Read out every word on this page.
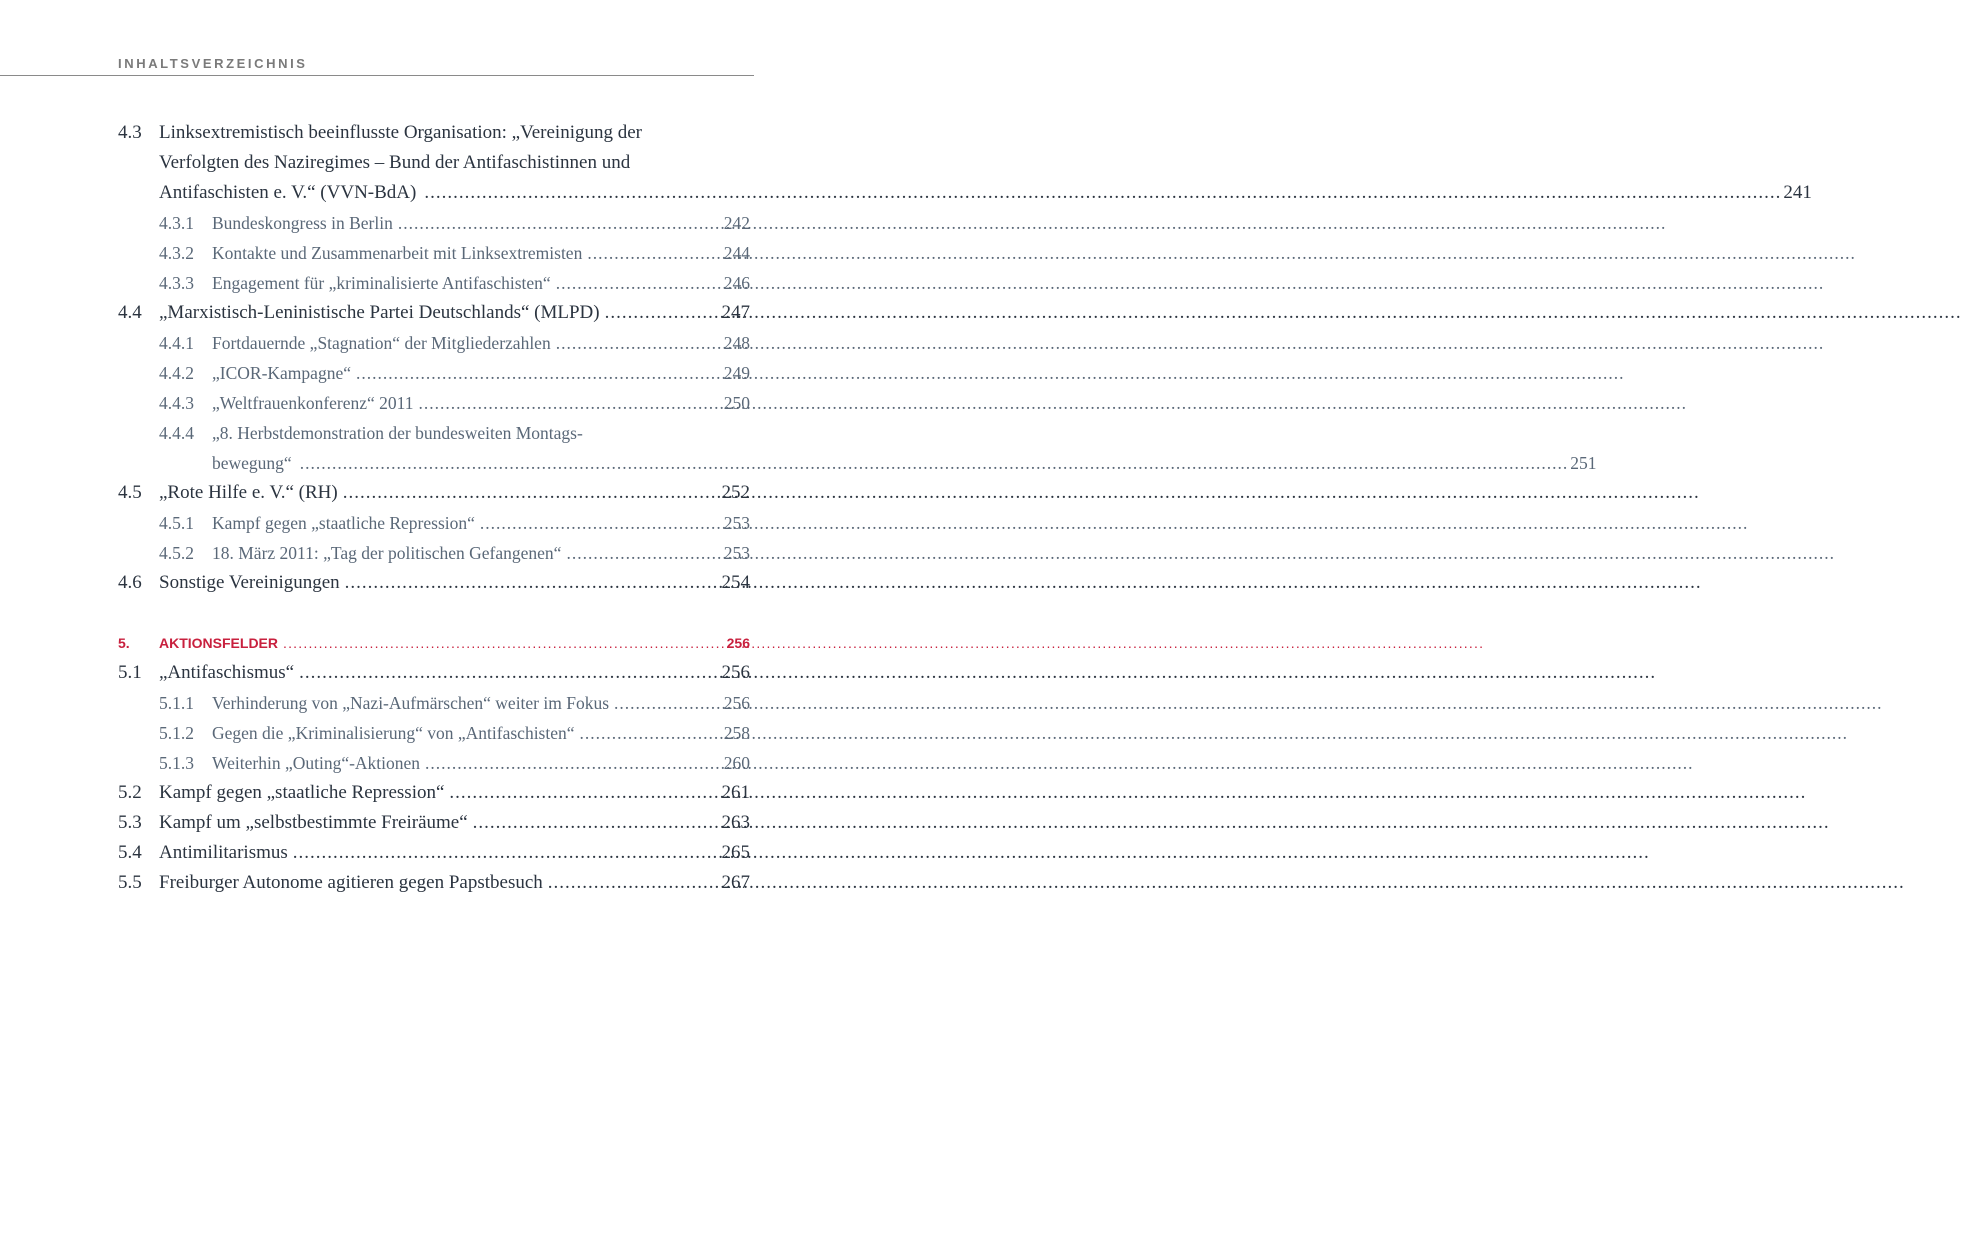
INHALTSVERZEICHNIS
4.3 Linksextremistisch beeinflusste Organisation: „Vereinigung der
Verfolgten des Naziregimes – Bund der Antifaschistinnen und
Antifaschisten e. V.“ (VVN-BdA) .....	241
4.3.1	Bundeskongress in Berlin .....	242
4.3.2	Kontakte und Zusammenarbeit mit Linksextremisten .....	244
4.3.3	Engagement für „kriminalisierte Antifaschisten“ .....	246
4.4 „Marxistisch-Leninistische Partei Deutschlands“ (MLPD) .....	247
4.4.1	Fortdauernde „Stagnation“ der Mitgliederzahlen .....	248
4.4.2	„ICOR-Kampagne“ .....	249
4.4.3	„Weltfrauenkonferenz“ 2011 .....	250
4.4.4	„8. Herbstdemonstration der bundesweiten Montags-
bewegung“ .....	251
4.5 „Rote Hilfe e. V.“ (RH) .....	252
4.5.1	Kampf gegen „staatliche Repression“ .....	253
4.5.2	18. März 2011: „Tag der politischen Gefangenen“ .....	253
4.6 Sonstige Vereinigungen .....	254
5.	AKTIONSFELDER .....	256
5.1 „Antifaschismus“ .....	256
5.1.1	Verhinderung von „Nazi-Aufmärschen“ weiter im Fokus .....	256
5.1.2	Gegen die „Kriminalisierung“ von „Antifaschisten“ .....	258
5.1.3	Weiterhin „Outing“-Aktionen .....	260
5.2 Kampf gegen „staatliche Repression“ .....	261
5.3 Kampf um „selbstbestimmte Freiräume“ .....	263
5.4 Antimilitarismus .....	265
5.5 Freiburger Autonome agitieren gegen Papstbesuch .....	267
